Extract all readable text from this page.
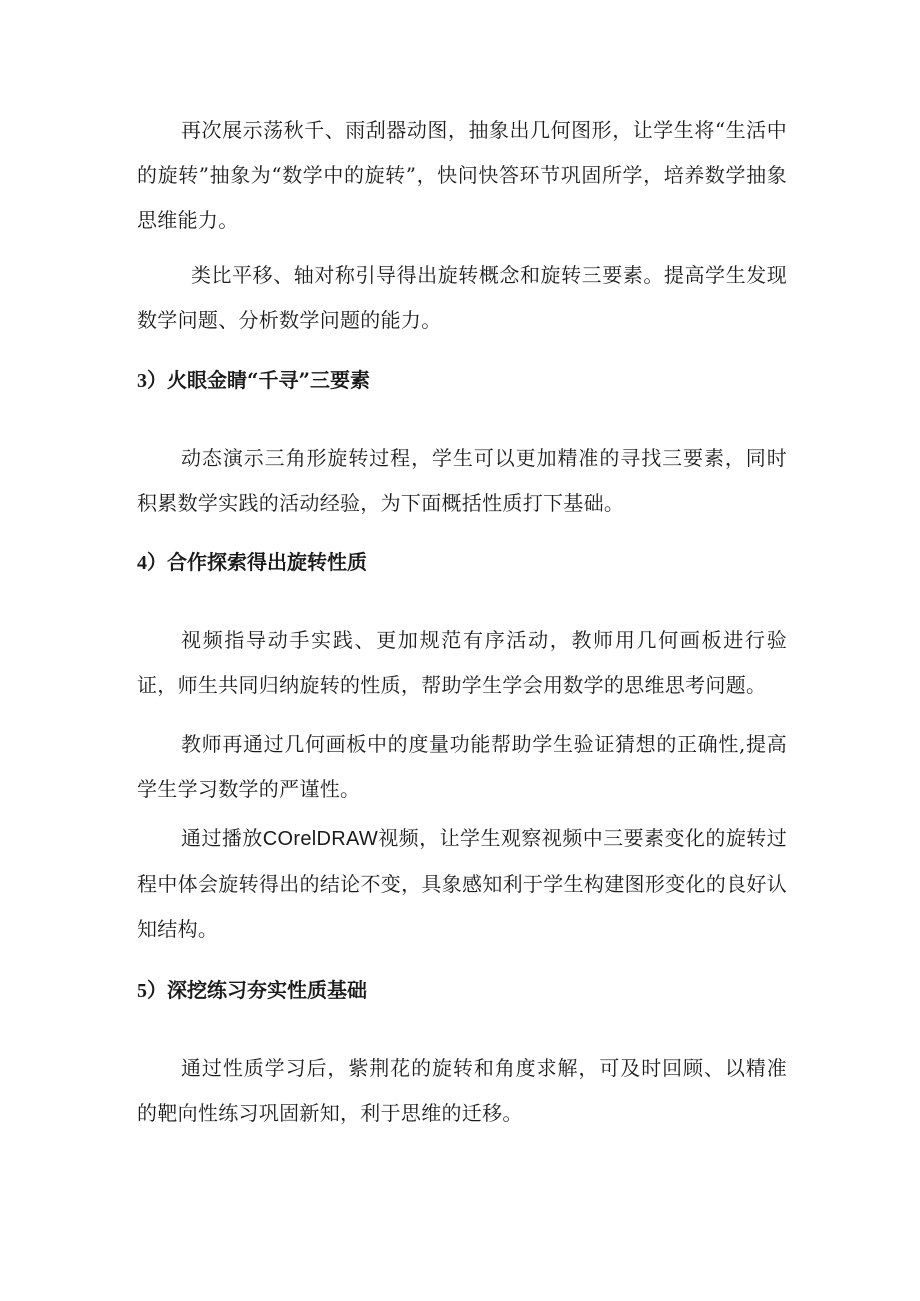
再次展示荡秋千、雨刮器动图，抽象出几何图形，让学生将“生活中的旋转”抽象为“数学中的旋转”，快问快答环节巩固所学，培养数学抽象思维能力。

类比平移、轴对称引导得出旋转概念和旋转三要素。提高学生发现数学问题、分析数学问题的能力。

3）火眼金睛“千寻”三要素

动态演示三角形旋转过程，学生可以更加精准的寻找三要素，同时积累数学实践的活动经验，为下面概括性质打下基础。

4）合作探索得出旋转性质

视频指导动手实践、更加规范有序活动，教师用几何画板进行验证，师生共同归纳旋转的性质，帮助学生学会用数学的思维思考问题。

教师再通过几何画板中的度量功能帮助学生验证猜想的正确性,提高学生学习数学的严谨性。

通过播放COrelDRAW视频，让学生观察视频中三要素变化的旋转过程中体会旋转得出的结论不变，具象感知利于学生构建图形变化的良好认知结构。

5）深挖练习夯实性质基础

通过性质学习后，紫荆花的旋转和角度求解，可及时回顾、以精准的靶向性练习巩固新知，利于思维的迁移。
